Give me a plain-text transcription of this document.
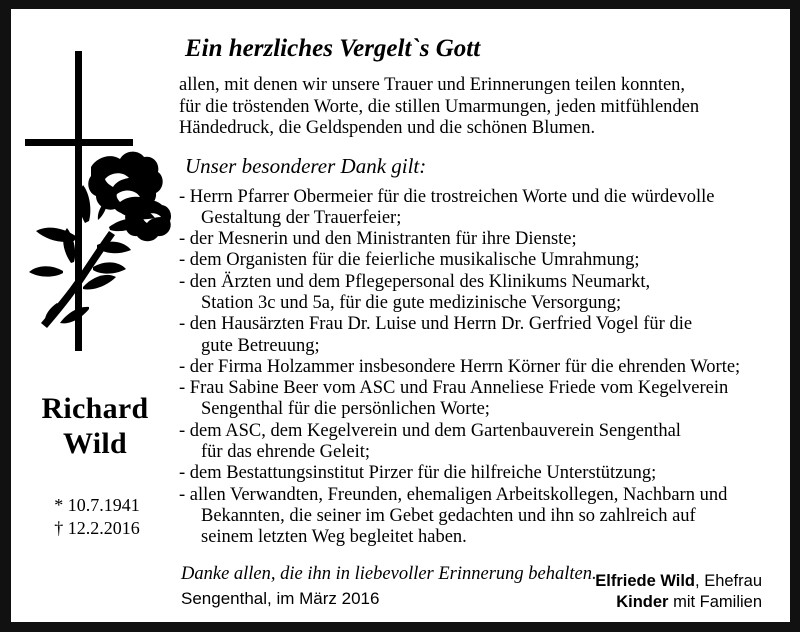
Richard
Wild
* 10.7.1941
† 12.2.2016
Ein herzliches Vergelt`s Gott
allen, mit denen wir unsere Trauer und Erinnerungen teilen konnten,
für die tröstenden Worte, die stillen Umarmungen, jeden mitfühlenden
Händedruck, die Geldspenden und die schönen Blumen.
Unser besonderer Dank gilt:
- Herrn Pfarrer Obermeier für die trostreichen Worte und die würdevolle
Gestaltung der Trauerfeier;
- der Mesnerin und den Ministranten für ihre Dienste;
- dem Organisten für die feierliche musikalische Umrahmung;
- den Ärzten und dem Pflegepersonal des Klinikums Neumarkt,
Station 3c und 5a, für die gute medizinische Versorgung;
- den Hausärzten Frau Dr. Luise und Herrn Dr. Gerfried Vogel für die
gute Betreuung;
- der Firma Holzammer insbesondere Herrn Körner für die ehrenden Worte;
- Frau Sabine Beer vom ASC und Frau Anneliese Friede vom Kegelverein
Sengenthal für die persönlichen Worte;
- dem ASC, dem Kegelverein und dem Gartenbauverein Sengenthal
für das ehrende Geleit;
- dem Bestattungsinstitut Pirzer für die hilfreiche Unterstützung;
- allen Verwandten, Freunden, ehemaligen Arbeitskollegen, Nachbarn und
Bekannten, die seiner im Gebet gedachten und ihn so zahlreich auf
seinem letzten Weg begleitet haben.
Danke allen, die ihn in liebevoller Erinnerung behalten.
Sengenthal, im März 2016
Elfriede Wild, Ehefrau
Kinder mit Familien
